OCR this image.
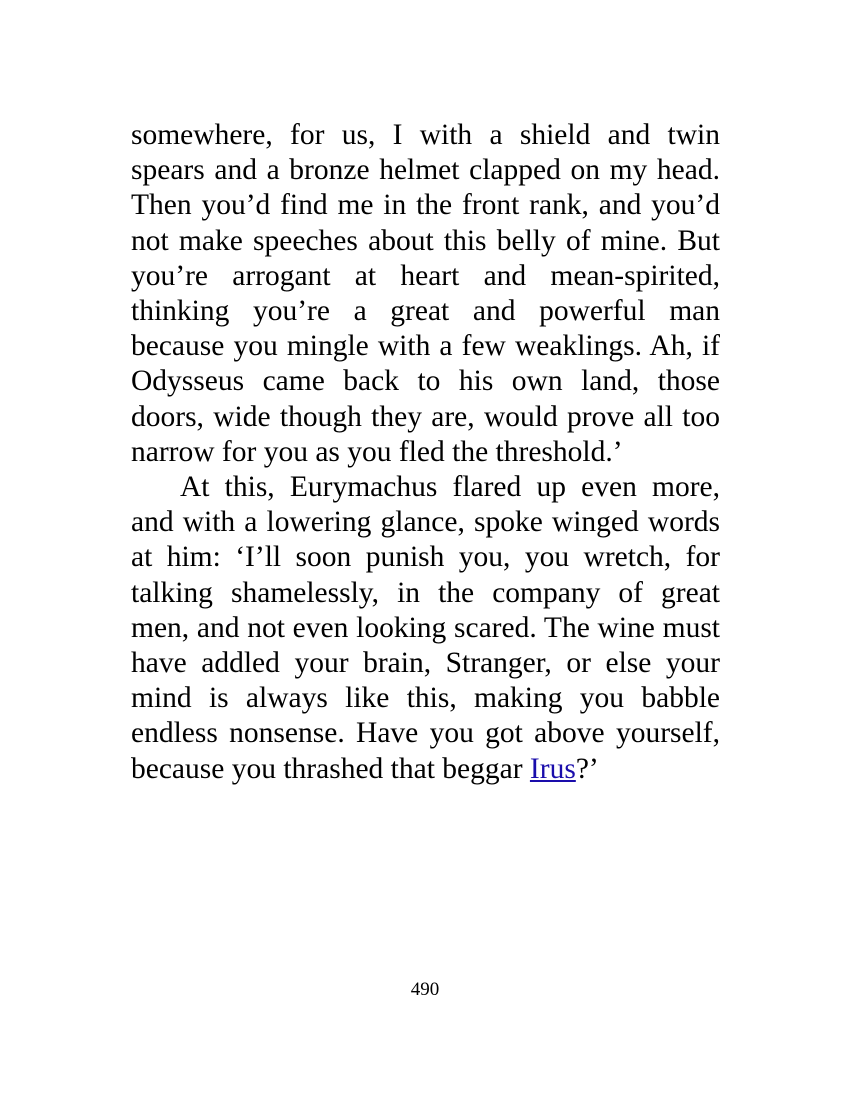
somewhere, for us, I with a shield and twin spears and a bronze helmet clapped on my head. Then you’d find me in the front rank, and you’d not make speeches about this belly of mine. But you’re arrogant at heart and mean-spirited, thinking you’re a great and powerful man because you mingle with a few weaklings. Ah, if Odysseus came back to his own land, those doors, wide though they are, would prove all too narrow for you as you fled the threshold.’

At this, Eurymachus flared up even more, and with a lowering glance, spoke winged words at him: ‘I’ll soon punish you, you wretch, for talking shamelessly, in the company of great men, and not even looking scared. The wine must have addled your brain, Stranger, or else your mind is always like this, making you babble endless nonsense. Have you got above yourself, because you thrashed that beggar Irus?’

490
